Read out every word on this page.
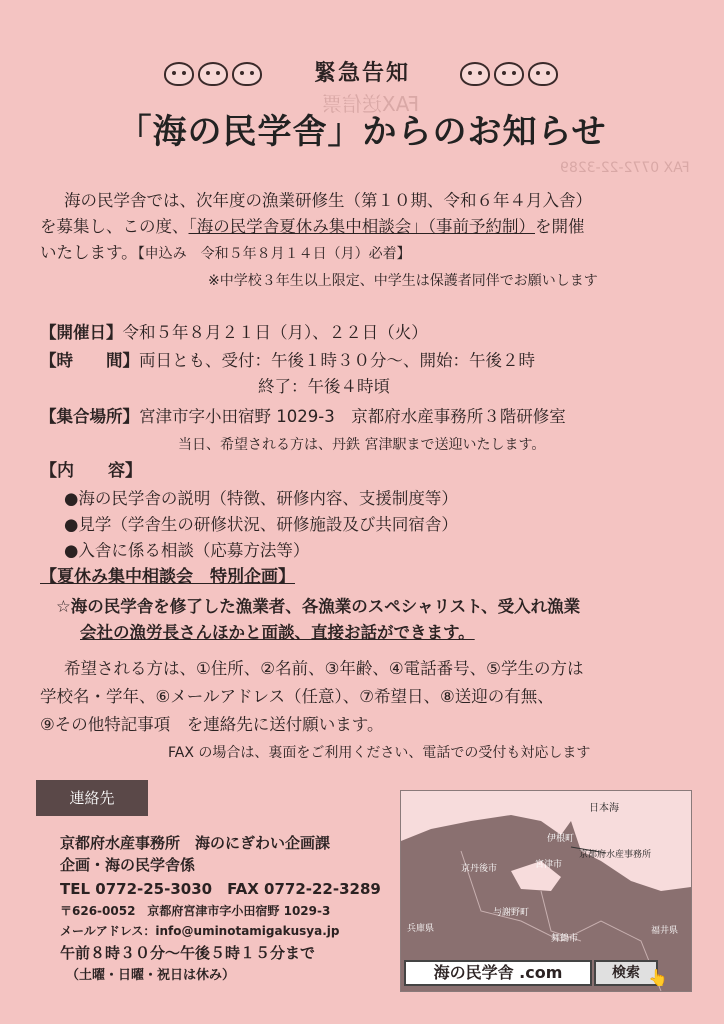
FAX送信票
FAX 0772-22-3289
緊急告知
「海の民学舎」からのお知らせ
海の民学舎では、次年度の漁業研修生（第１０期、令和６年４月入舎）
を募集し、この度、「海の民学舎夏休み集中相談会」（事前予約制）を開催
いたします。【申込み　令和５年８月１４日（月）必着】
※中学校３年生以上限定、中学生は保護者同伴でお願いします
【開催日】令和５年８月２１日（月）、２２日（火）
【時　　間】両日とも、受付：午後１時３０分～、開始：午後２時
終了：午後４時頃
【集合場所】宮津市字小田宿野 1029-3　京都府水産事務所３階研修室
当日、希望される方は、丹鉄 宮津駅まで送迎いたします。
【内　　容】
●海の民学舎の説明（特徴、研修内容、支援制度等）
●見学（学舎生の研修状況、研修施設及び共同宿舎）
●入舎に係る相談（応募方法等）
【夏休み集中相談会　特別企画】
☆海の民学舎を修了した漁業者、各漁業のスペシャリスト、受入れ漁業
会社の漁労長さんほかと面談、直接お話ができます。
希望される方は、①住所、②名前、③年齢、④電話番号、⑤学生の方は
学校名・学年、⑥メールアドレス（任意）、⑦希望日、⑧送迎の有無、
⑨その他特記事項　を連絡先に送付願います。
FAX の場合は、裏面をご利用ください、電話での受付も対応します
連絡先
京都府水産事務所　海のにぎわい企画課
企画・海の民学舎係
TEL 0772-25-3030　FAX 0772-22-3289
〒626-0052　京都府宮津市字小田宿野 1029-3
メールアドレス：info@uminotamigakusya.jp
午前８時３０分～午後５時１５分まで
（土曜・日曜・祝日は休み）
日本海
京都府水産事務所
伊根町
宮津市
京丹後市
与謝野町
舞鶴市
兵庫県	福井県
海の民学舎 .com	検索 👆
